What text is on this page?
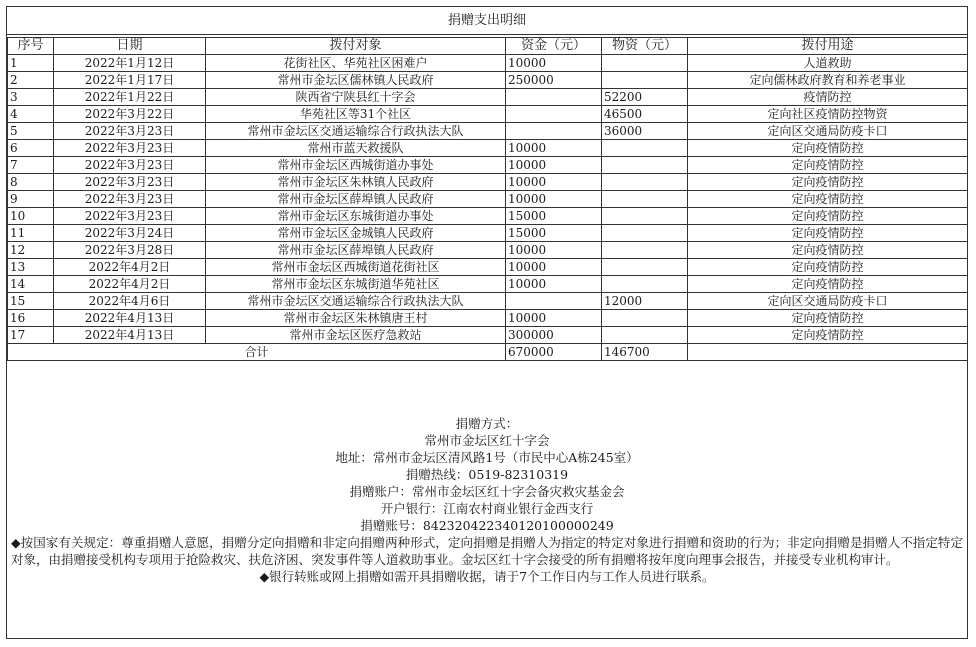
捐赠支出明细
序号	日期	拨付对象	资金（元）	物资（元）	拨付用途
1	2022年1月12日	花街社区、华苑社区困难户	10000		人道救助
2	2022年1月17日	常州市金坛区儒林镇人民政府	250000		定向儒林政府教育和养老事业
3	2022年1月22日	陕西省宁陕县红十字会		52200	疫情防控
4	2022年3月22日	华苑社区等31个社区		46500	定向社区疫情防控物资
5	2022年3月23日	常州市金坛区交通运输综合行政执法大队		36000	定向区交通局防疫卡口
6	2022年3月23日	常州市蓝天救援队	10000		定向疫情防控
7	2022年3月23日	常州市金坛区西城街道办事处	10000		定向疫情防控
8	2022年3月23日	常州市金坛区朱林镇人民政府	10000		定向疫情防控
9	2022年3月23日	常州市金坛区薛埠镇人民政府	10000		定向疫情防控
10	2022年3月23日	常州市金坛区东城街道办事处	15000		定向疫情防控
11	2022年3月24日	常州市金坛区金城镇人民政府	15000		定向疫情防控
12	2022年3月28日	常州市金坛区薛埠镇人民政府	10000		定向疫情防控
13	2022年4月2日	常州市金坛区西城街道花街社区	10000		定向疫情防控
14	2022年4月2日	常州市金坛区东城街道华苑社区	10000		定向疫情防控
15	2022年4月6日	常州市金坛区交通运输综合行政执法大队		12000	定向区交通局防疫卡口
16	2022年4月13日	常州市金坛区朱林镇唐王村	10000		定向疫情防控
17	2022年4月13日	常州市金坛区医疗急救站	300000		定向疫情防控
合计			670000	146700	
捐赠方式：
常州市金坛区红十字会
地址：常州市金坛区清风路1号（市民中心A栋245室）
捐赠热线：0519-82310319
捐赠账户：常州市金坛区红十字会备灾救灾基金会
开户银行：江南农村商业银行金西支行
捐赠账号：842320422340120100000249
◆按国家有关规定：尊重捐赠人意愿，捐赠分定向捐赠和非定向捐赠两种形式，定向捐赠是捐赠人为指定的特定对象进行捐赠和资助的行为；非定向捐赠是捐赠人不指定特定对象，由捐赠接受机构专项用于抢险救灾、扶危济困、突发事件等人道救助事业。金坛区红十字会接受的所有捐赠将按年度向理事会报告，并接受专业机构审计。
◆银行转账或网上捐赠如需开具捐赠收据，请于7个工作日内与工作人员进行联系。
